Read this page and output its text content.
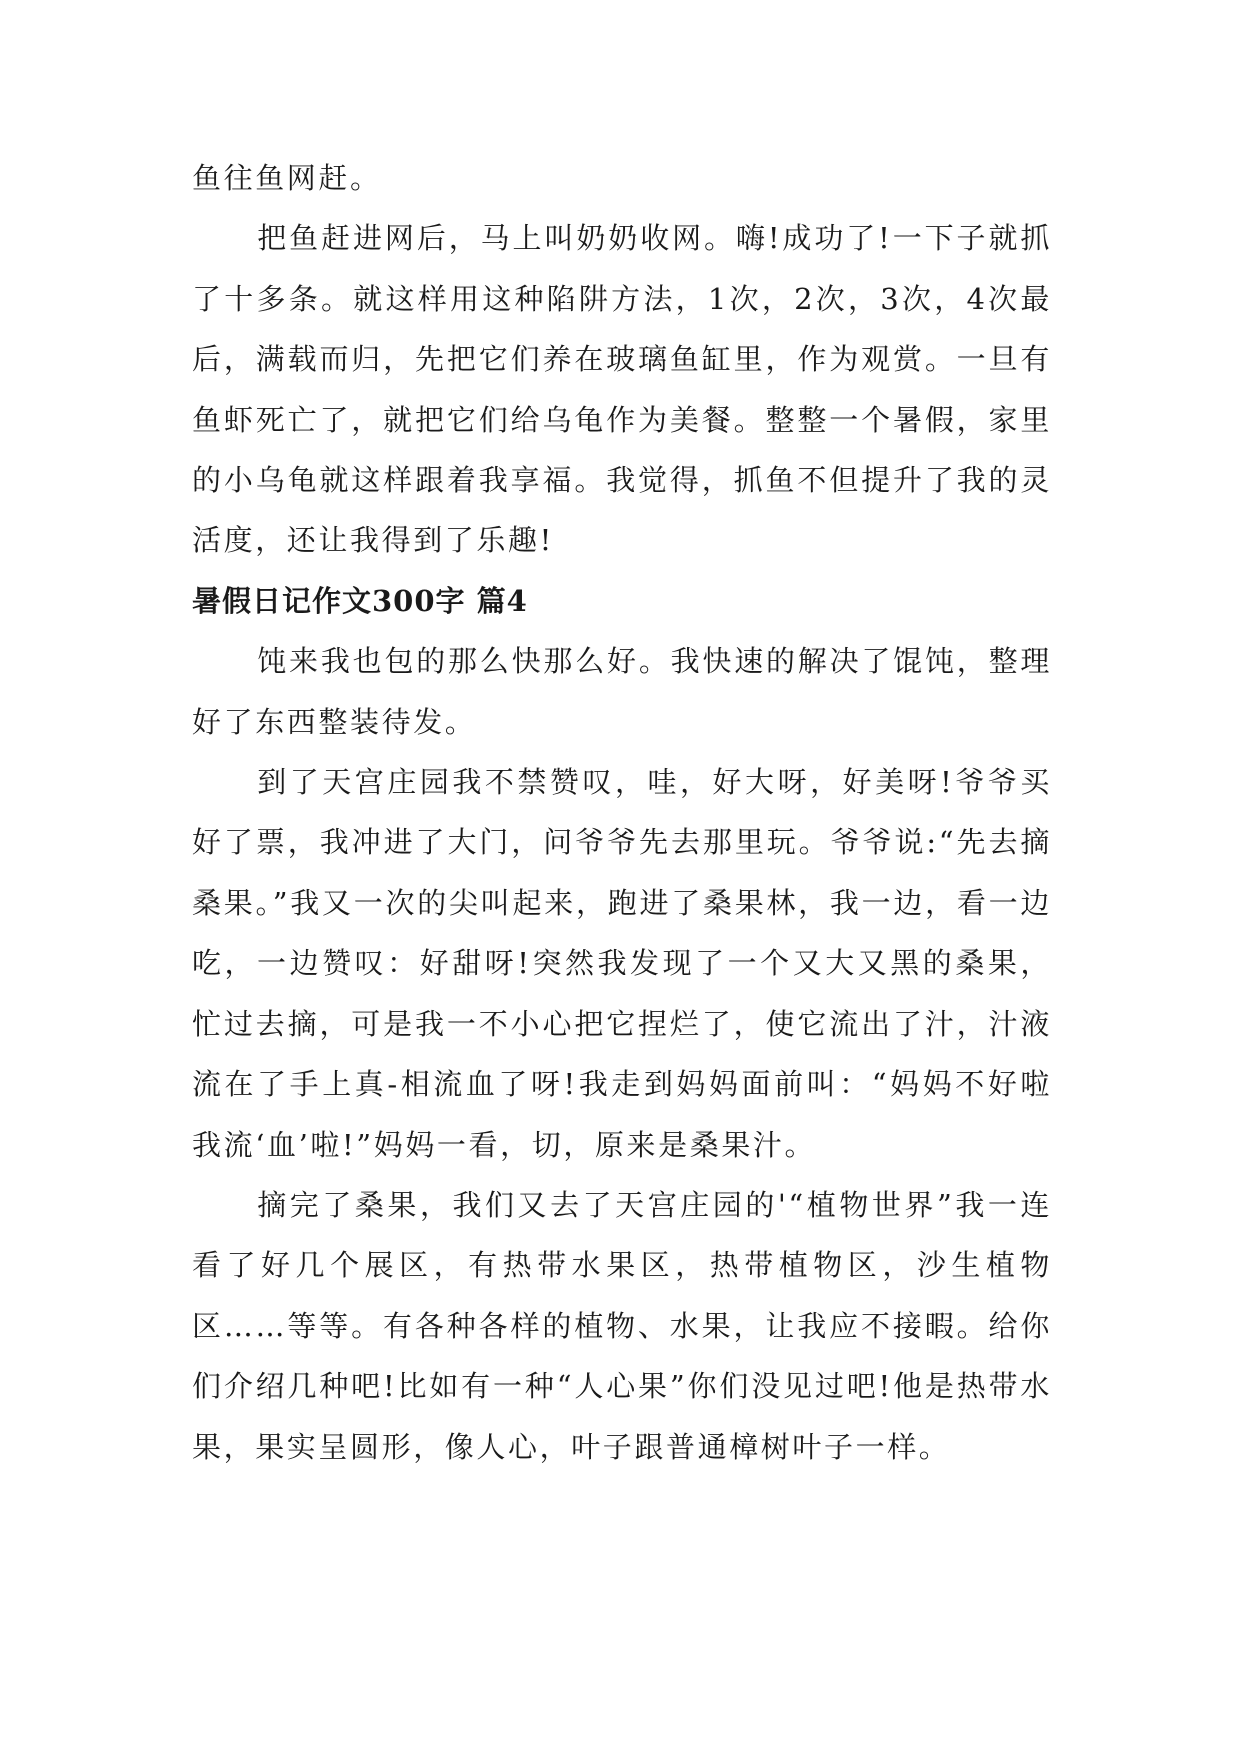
鱼往鱼网赶。

把鱼赶进网后，马上叫奶奶收网。嗨!成功了!一下子就抓了十多条。就这样用这种陷阱方法，1次，2次，3次，4次最后，满载而归，先把它们养在玻璃鱼缸里，作为观赏。一旦有鱼虾死亡了，就把它们给乌龟作为美餐。整整一个暑假，家里的小乌龟就这样跟着我享福。我觉得，抓鱼不但提升了我的灵活度，还让我得到了乐趣!

暑假日记作文300字 篇4

饨来我也包的那么快那么好。我快速的解决了馄饨，整理好了东西整装待发。

到了天宫庄园我不禁赞叹，哇，好大呀，好美呀!爷爷买好了票，我冲进了大门，问爷爷先去那里玩。爷爷说:“先去摘桑果。”我又一次的尖叫起来，跑进了桑果林，我一边，看一边吃，一边赞叹：好甜呀!突然我发现了一个又大又黑的桑果，忙过去摘，可是我一不小心把它捏烂了，使它流出了汁，汁液流在了手上真-相流血了呀!我走到妈妈面前叫：“妈妈不好啦我流‘血’啦!”妈妈一看，切，原来是桑果汁。

摘完了桑果，我们又去了天宫庄园的'“植物世界”我一连看了好几个展区，有热带水果区，热带植物区，沙生植物区……等等。有各种各样的植物、水果，让我应不接暇。给你们介绍几种吧!比如有一种“人心果”你们没见过吧!他是热带水果，果实呈圆形，像人心，叶子跟普通樟树叶子一样。
